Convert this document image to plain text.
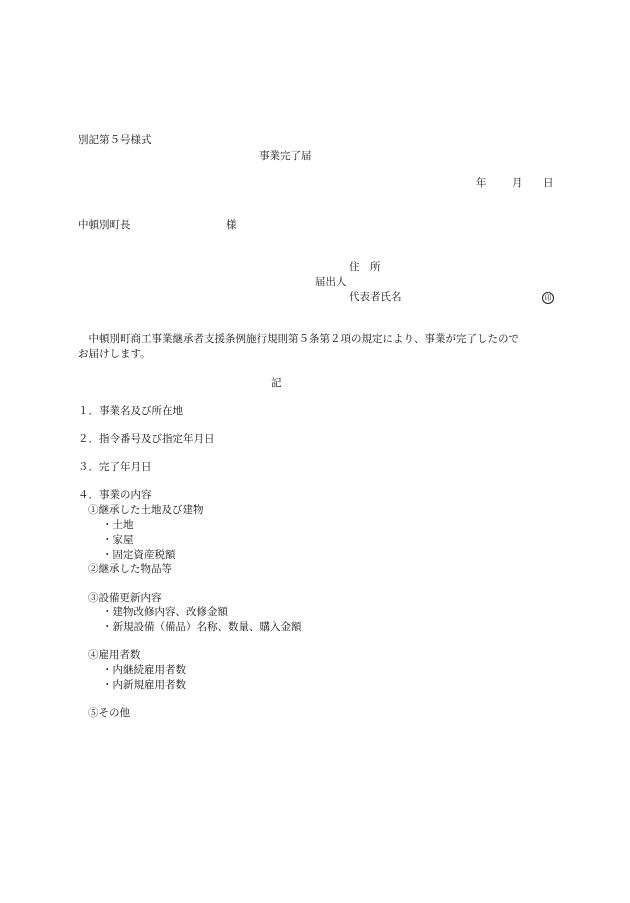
別記第５号様式
事業完了届
年 月 日
中頓別町長	様
住　所
届出人
代表者氏名	印
　中頓別町商工事業継承者支援条例施行規則第５条第２項の規定により、事業が完了したので
お届けします。
記
１．事業名及び所在地
２．指令番号及び指定年月日
３．完了年月日
４．事業の内容
①継承した土地及び建物
・土地
・家屋
・固定資産税額
②継承した物品等
③設備更新内容
・建物改修内容、改修金額
・新規設備（備品）名称、数量、購入金額
④雇用者数
・内継続雇用者数
・内新規雇用者数
⑤その他
